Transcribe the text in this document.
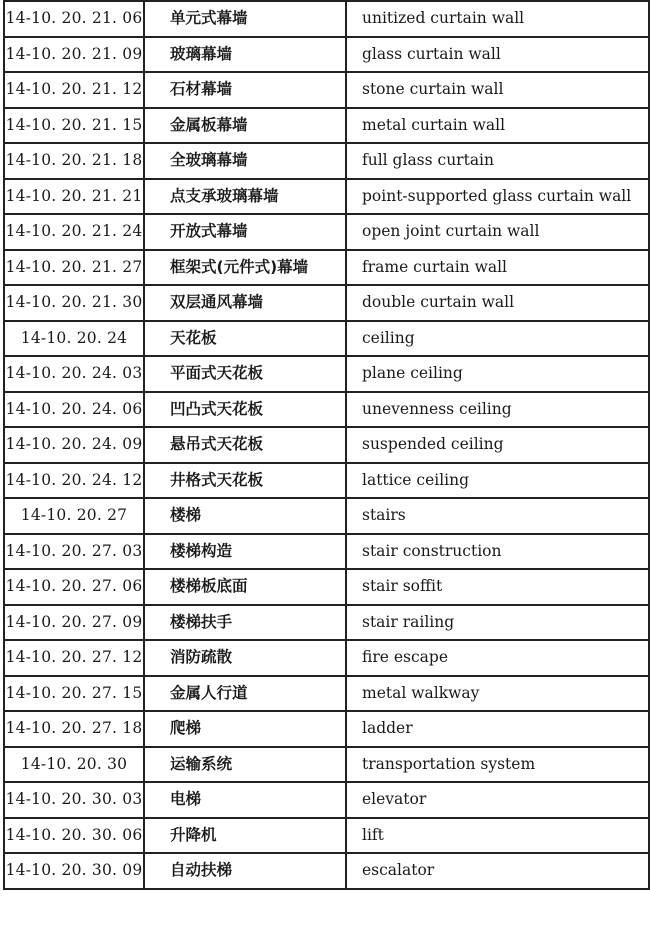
14-10. 20. 21. 06	单元式幕墙	unitized curtain wall
14-10. 20. 21. 09	玻璃幕墙	glass curtain wall
14-10. 20. 21. 12	石材幕墙	stone curtain wall
14-10. 20. 21. 15	金属板幕墙	metal curtain wall
14-10. 20. 21. 18	全玻璃幕墙	full glass curtain
14-10. 20. 21. 21	点支承玻璃幕墙	point-supported glass curtain wall
14-10. 20. 21. 24	开放式幕墙	open joint curtain wall
14-10. 20. 21. 27	框架式(元件式)幕墙	frame curtain wall
14-10. 20. 21. 30	双层通风幕墙	double curtain wall
14-10. 20. 24	天花板	ceiling
14-10. 20. 24. 03	平面式天花板	plane ceiling
14-10. 20. 24. 06	凹凸式天花板	unevenness ceiling
14-10. 20. 24. 09	悬吊式天花板	suspended ceiling
14-10. 20. 24. 12	井格式天花板	lattice ceiling
14-10. 20. 27	楼梯	stairs
14-10. 20. 27. 03	楼梯构造	stair construction
14-10. 20. 27. 06	楼梯板底面	stair soffit
14-10. 20. 27. 09	楼梯扶手	stair railing
14-10. 20. 27. 12	消防疏散	fire escape
14-10. 20. 27. 15	金属人行道	metal walkway
14-10. 20. 27. 18	爬梯	ladder
14-10. 20. 30	运输系统	transportation system
14-10. 20. 30. 03	电梯	elevator
14-10. 20. 30. 06	升降机	lift
14-10. 20. 30. 09	自动扶梯	escalator
